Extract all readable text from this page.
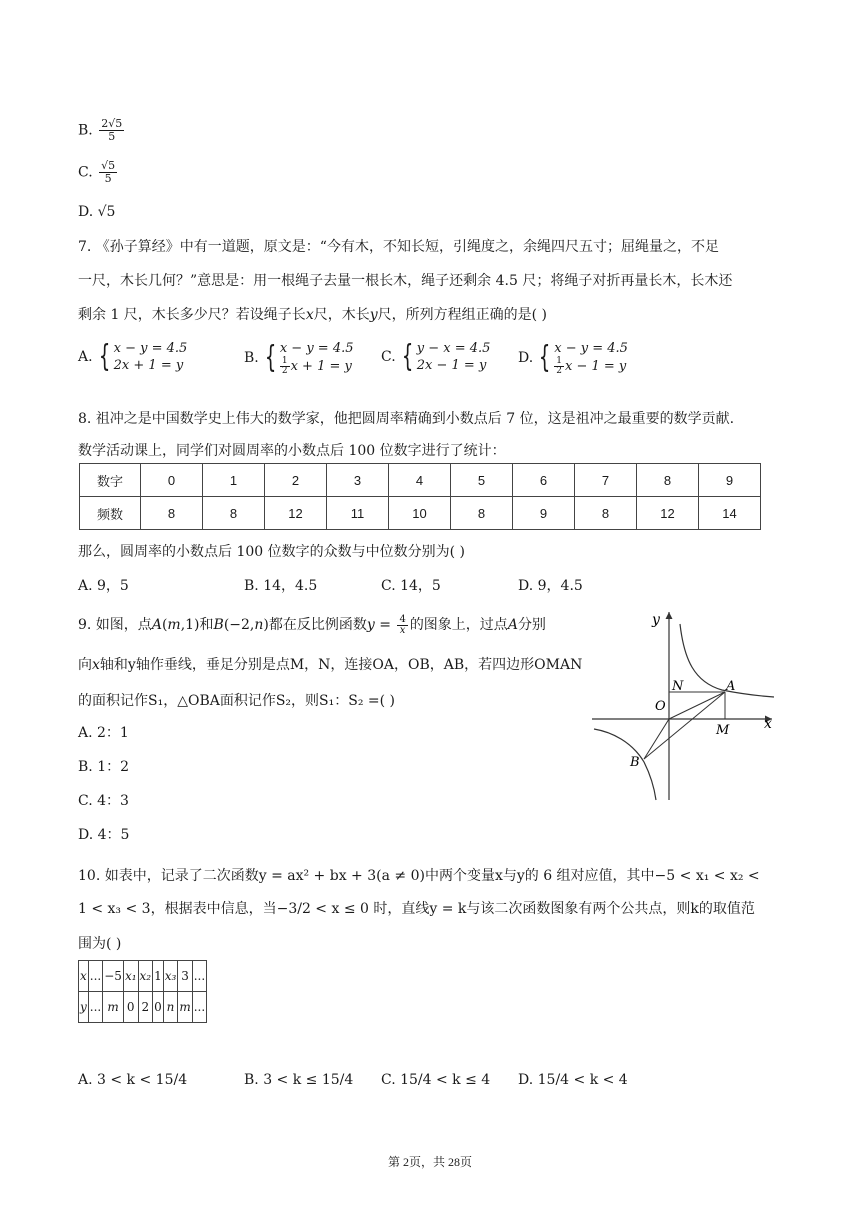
B. $\frac{2√5}{5}$
C. $\frac{√5}{5}$
D. √5
7. 《孙子算经》中有一道题，原文是：“今有木，不知长短，引绳度之，余绳四尺五寸；屈绳量之，不足
一尺，木长几何？”意思是：用一根绳子去量一根长木，绳子还剩余 4.5 尺；将绳子对折再量长木，长木还
剩余 1 尺，木长多少尺？若设绳子长x尺，木长y尺，所列方程组正确的是( )
A. { x − y = 4.5
2x + 1 = y	B. { x − y = 4.5
$\frac{1}{2}$ x + 1 = y
C. { y − x = 4.5
2x − 1 = y D. { x − y = 4.5
$\frac{1}{2}$ x − 1 = y
8. 祖冲之是中国数学史上伟大的数学家，他把圆周率精确到小数点后 7 位，这是祖冲之最重要的数学贡献.
数学活动课上，同学们对圆周率的小数点后 100 位数字进行了统计：
数字	0	1	2	3	4	5	6	7	8	9
频数	8	8	12	11	10	8	9	8	12	14
那么，圆周率的小数点后 100 位数字的众数与中位数分别为( )
A. 9，5	B. 14，4.5	C. 14，5	D. 9，4.5
9. 如图，点A(m,1)和B(−2,n)都在反比例函数$y = \frac{4}{x}$ 的图象上，过点A分别
向x轴和y轴作垂线，垂足分别是点M，N，连接OA，OB，AB，若四边形OMAN
的面积记作S₁，△OBA面积记作S₂，则S₁：S₂ =( )
A. 2：1
B. 1：2
C. 4：3
D. 4：5
y
x
O
N	A
M
B
10. 如表中，记录了二次函数y = ax² + bx + 3(a ≠ 0)中两个变量x与y的 6 组对应值，其中−5 < x₁ < x₂ <
1 < x₃ < 3，根据表中信息，当−3/2 < x ≤ 0 时，直线y = k与该二次函数图象有两个公共点，则k的取值范
围为( )
x	...	−5	x₁	x₂	1	x₃	3	...
y	...	m	0	2	0	n	m	...
A. 3 < k < 15/4	B. 3 < k ≤ 15/4 C. 15/4 < k ≤ 4 D. 15/4 < k < 4
第 2页，共 28页
